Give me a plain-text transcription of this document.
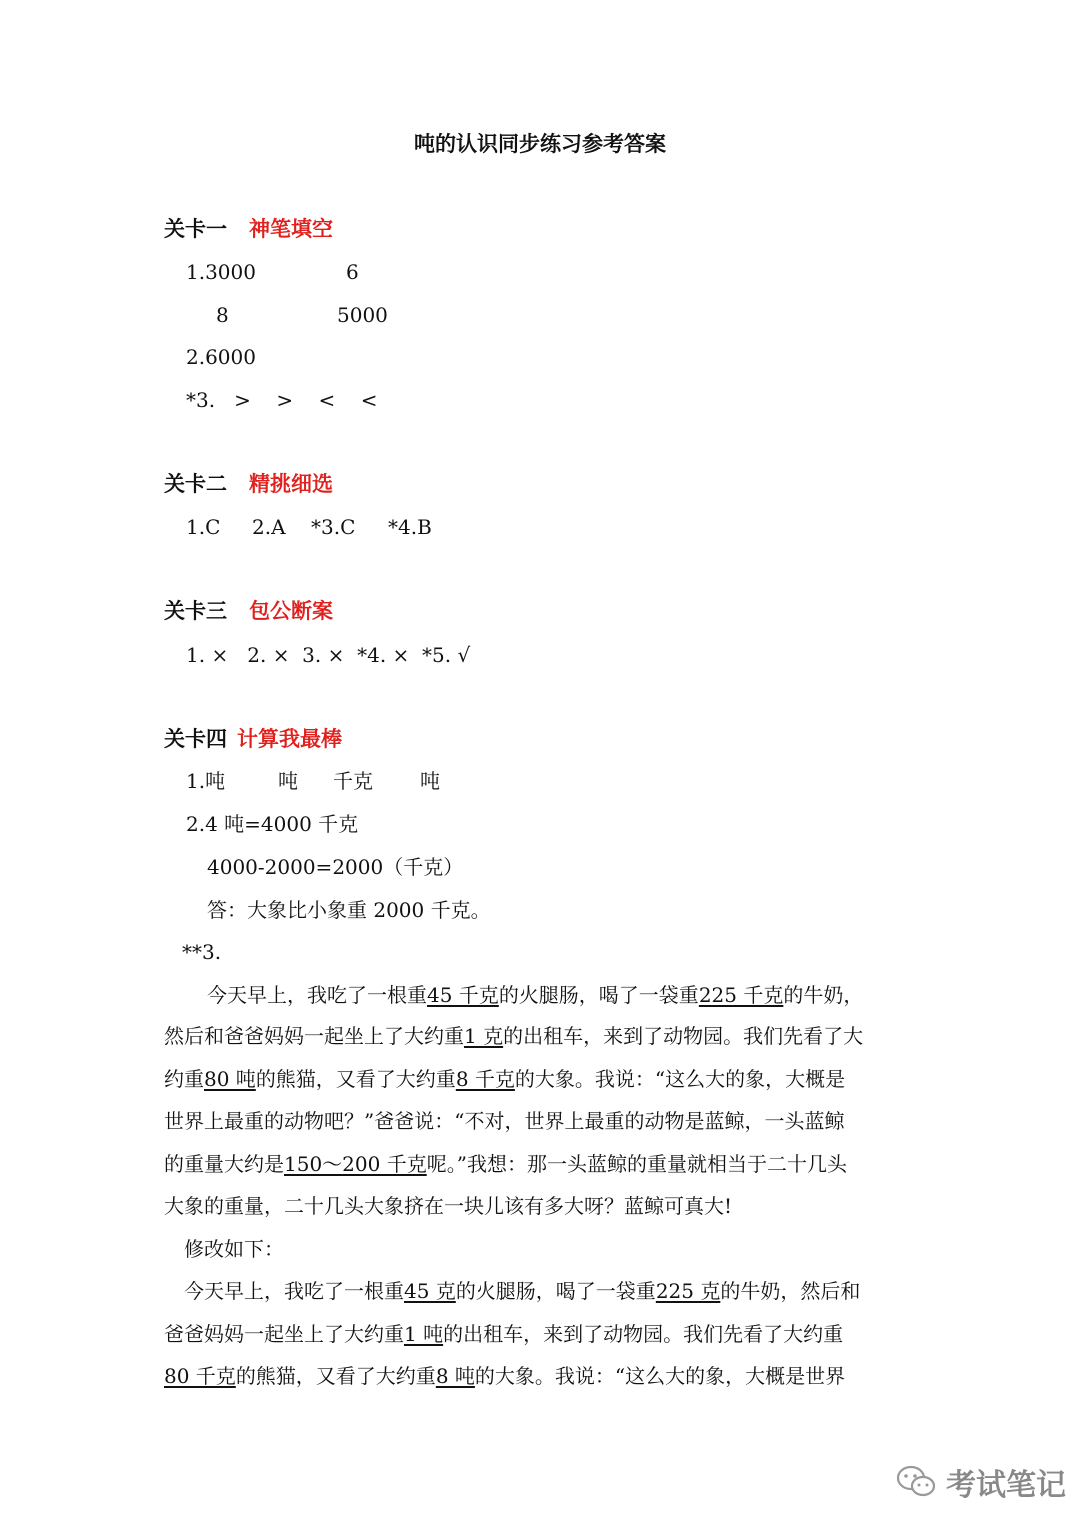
吨的认识同步练习参考答案
关卡一 神笔填空
1.3000	6
8	5000
2.6000
*3.   >    >    <    <
关卡二 精挑细选
1.C 2.A *3.C *4.B
关卡三 包公断案
1. ×   2. ×  3. ×  *4. ×  *5. √
关卡四 计算我最棒
1.吨	吨 千克 吨
2.4 吨=4000 千克
4000-2000=2000（千克）
答：大象比小象重 2000 千克。
**3.
今天早上，我吃了一根重45 千克的火腿肠，喝了一袋重225 千克的牛奶，
然后和爸爸妈妈一起坐上了大约重1 克的出租车，来到了动物园。我们先看了大
约重80 吨的熊猫，又看了大约重8 千克的大象。我说：“这么大的象，大概是
世界上最重的动物吧？”爸爸说：“不对，世界上最重的动物是蓝鲸，一头蓝鲸
的重量大约是150～200 千克呢。”我想：那一头蓝鲸的重量就相当于二十几头
大象的重量，二十几头大象挤在一块儿该有多大呀？蓝鲸可真大!
修改如下：
今天早上，我吃了一根重45 克的火腿肠，喝了一袋重225 克的牛奶，然后和
爸爸妈妈一起坐上了大约重1 吨的出租车，来到了动物园。我们先看了大约重
80 千克的熊猫，又看了大约重8 吨的大象。我说：“这么大的象，大概是世界
考试笔记
